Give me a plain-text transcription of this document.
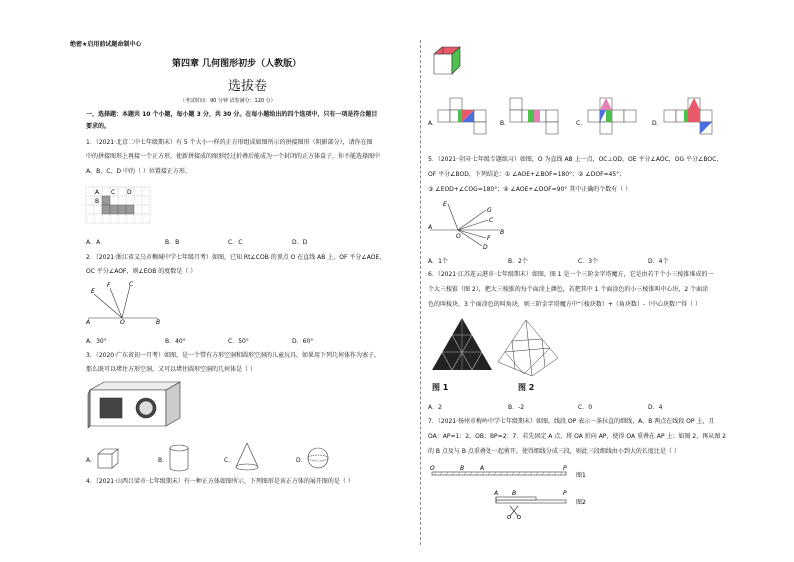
绝密★启用前试题命制中心
第四章 几何图形初步（人教版）
选拔卷
（考试时间：90 分钟 试卷满分：120 分）
一、选择题：本题共 10 个小题，每小题 3 分，共 30 分。在每小题给出的四个选项中，只有一项是符合题目
要求的。
1．（2021·北京二中七年级期末）有 5 个大小一样的正方形组成如图所示的拼接图形（阴影部分），请你在图
中的拼接图形上再接一个正方形，使新拼接成的图形经过折叠后能成为一个封闭的正方体盒子，你不能选择图中
A、B、C、D 中的（ ）位置接正方形。
A
B
C D
A．A	B．B	C．C	D．D
2．（2021·浙江省义乌市稠城中学七年级月考）如图，已知 Rt∠COB 的顶点 O 在直线 AB 上，OF 平分∠AOE，
OC 平分∠AOF，则∠EOB 的度数是（ ）
E
F	C
A	O	B
A．30°	B．40°	C．50°	D．60°
3．（2020·广东省初一月考）如图，是一个带有方形空洞和圆形空洞的儿童玩具，如果用下列几何体作为塞子，
那么既可以堵住方形空洞，又可以堵住圆形空洞的几何体是（ ）
A．	B．	C．	D．
4．（2021·山西吕梁市·七年级期末）有一种正方体如图所示，下列图形是该正方体的展开图的是（ ）
A．	B．	C．	D．
5．（2021·全国·七年级专题练习）如图，O 为直线 AB 上一点，OC⊥OD，OE 平分∠AOC，OG 平分∠BOC，
OF 平分∠BOD，下列结论：① ∠AOE+∠BOF=180°；② ∠DOF=45°；
③ ∠EOD+∠COG=180°；④ ∠AOE+∠DOF=90° 其中正确的个数有（ ）
E
G
C
A
O
B
F
D
A．1个	B．2个	C．3个	D．4个
6．（2021·江苏连云港市·七年级期末）如图，图 1 是一个三阶金字塔魔方，它是由若干个小三棱锥堆成的一
个大三棱锥（图 2），把大三棱锥的每个面涂上颜色，若把其中 1 个面涂色的小三棱锥叫中心块，2 个面涂
色的叫棱块，3 个面涂色的叫角块，则三阶金字塔魔方中“（棱块数）+（角块数）-（中心块数）”得（ ）
图 1	图 2
A．2	B．-2	C．0	D．4
7．（2021·扬州市梅岭中学七年级期末）如图，线段 OP 表示一条拉直的细线，A、B 两点在线段 OP 上，且
OA：AP=1：2，OB：BP=2：7．若先固定 A 点，将 OA 折向 AP，使得 OA 重叠在 AP 上；如图 2，再从图 2
的 B 点及与 B 点重叠处一起剪开，使得细线分成三段，则此三段细线由小到大的长度比是（ ）
O	B	A	P
A B	P
图1
图2
